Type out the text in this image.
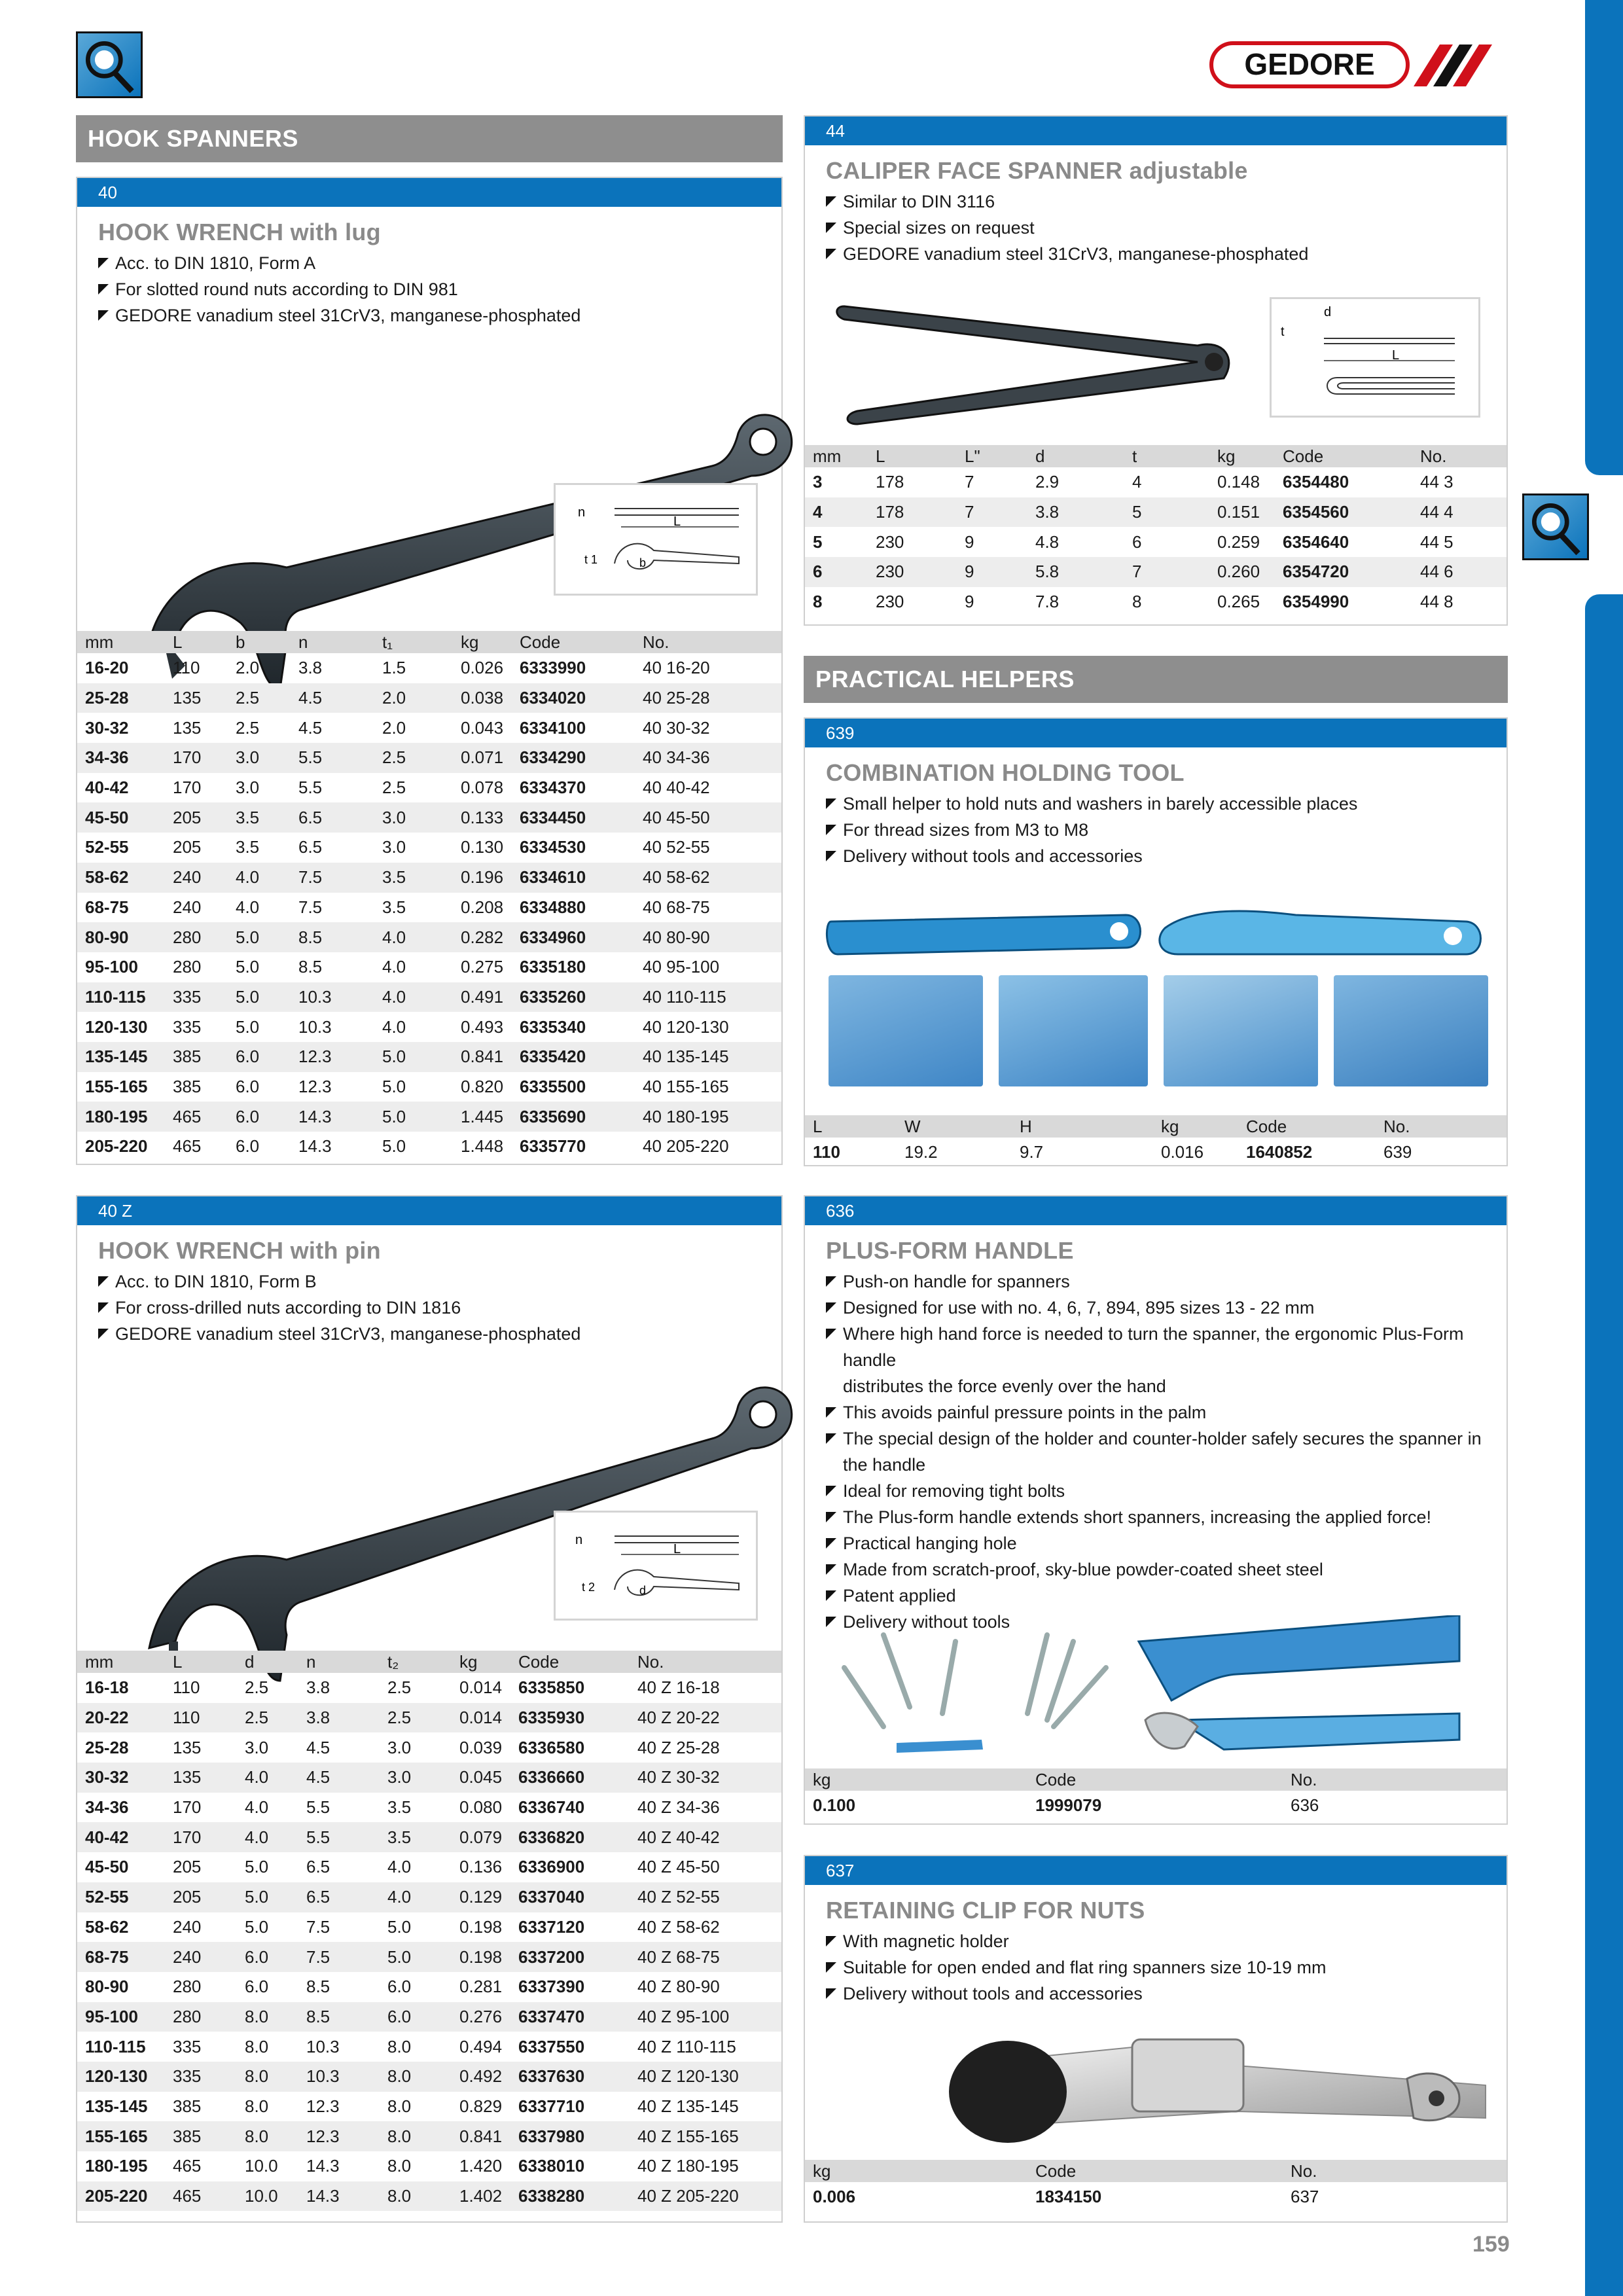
GEDORE
HOOK SPANNERS
40
HOOK WRENCH with lug
Acc. to DIN 1810, Form A
For slotted round nuts according to DIN 981
GEDORE vanadium steel 31CrV3, manganese-phosphated
n
L
t 1	b
mm	L	b	n	t₁	kg	Code	No.
16-20	110	2.0	3.8	1.5	0.026	6333990	40 16-20
25-28	135	2.5	4.5	2.0	0.038	6334020	40 25-28
30-32	135	2.5	4.5	2.0	0.043	6334100	40 30-32
34-36	170	3.0	5.5	2.5	0.071	6334290	40 34-36
40-42	170	3.0	5.5	2.5	0.078	6334370	40 40-42
45-50	205	3.5	6.5	3.0	0.133	6334450	40 45-50
52-55	205	3.5	6.5	3.0	0.130	6334530	40 52-55
58-62	240	4.0	7.5	3.5	0.196	6334610	40 58-62
68-75	240	4.0	7.5	3.5	0.208	6334880	40 68-75
80-90	280	5.0	8.5	4.0	0.282	6334960	40 80-90
95-100	280	5.0	8.5	4.0	0.275	6335180	40 95-100
110-115	335	5.0	10.3	4.0	0.491	6335260	40 110-115
120-130	335	5.0	10.3	4.0	0.493	6335340	40 120-130
135-145	385	6.0	12.3	5.0	0.841	6335420	40 135-145
155-165	385	6.0	12.3	5.0	0.820	6335500	40 155-165
180-195	465	6.0	14.3	5.0	1.445	6335690	40 180-195
205-220	465	6.0	14.3	5.0	1.448	6335770	40 205-220
40 Z
HOOK WRENCH with pin
Acc. to DIN 1810, Form B
For cross-drilled nuts according to DIN 1816
GEDORE vanadium steel 31CrV3, manganese-phosphated
n
L
t 2	d
mm	L	d	n	t₂	kg	Code	No.
16-18	110	2.5	3.8	2.5	0.014	6335850	40 Z 16-18
20-22	110	2.5	3.8	2.5	0.014	6335930	40 Z 20-22
25-28	135	3.0	4.5	3.0	0.039	6336580	40 Z 25-28
30-32	135	4.0	4.5	3.0	0.045	6336660	40 Z 30-32
34-36	170	4.0	5.5	3.5	0.080	6336740	40 Z 34-36
40-42	170	4.0	5.5	3.5	0.079	6336820	40 Z 40-42
45-50	205	5.0	6.5	4.0	0.136	6336900	40 Z 45-50
52-55	205	5.0	6.5	4.0	0.129	6337040	40 Z 52-55
58-62	240	5.0	7.5	5.0	0.198	6337120	40 Z 58-62
68-75	240	6.0	7.5	5.0	0.198	6337200	40 Z 68-75
80-90	280	6.0	8.5	6.0	0.281	6337390	40 Z 80-90
95-100	280	8.0	8.5	6.0	0.276	6337470	40 Z 95-100
110-115	335	8.0	10.3	8.0	0.494	6337550	40 Z 110-115
120-130	335	8.0	10.3	8.0	0.492	6337630	40 Z 120-130
135-145	385	8.0	12.3	8.0	0.829	6337710	40 Z 135-145
155-165	385	8.0	12.3	8.0	0.841	6337980	40 Z 155-165
180-195	465	10.0	14.3	8.0	1.420	6338010	40 Z 180-195
205-220	465	10.0	14.3	8.0	1.402	6338280	40 Z 205-220
44
CALIPER FACE SPANNER adjustable
Similar to DIN 3116
Special sizes on request
GEDORE vanadium steel 31CrV3, manganese-phosphated
t
d
L
mm	L	L"	d	t	kg	Code	No.
3	178	7	2.9	4	0.148	6354480	44 3
4	178	7	3.8	5	0.151	6354560	44 4
5	230	9	4.8	6	0.259	6354640	44 5
6	230	9	5.8	7	0.260	6354720	44 6
8	230	9	7.8	8	0.265	6354990	44 8
PRACTICAL HELPERS
639
COMBINATION HOLDING TOOL
Small helper to hold nuts and washers in barely accessible places
For thread sizes from M3 to M8
Delivery without tools and accessories
L	W	H	kg	Code	No.
110	19.2	9.7	0.016	1640852	639
636
PLUS-FORM HANDLE
Push-on handle for spanners
Designed for use with no. 4, 6, 7, 894, 895 sizes 13 - 22 mm
Where high hand force is needed to turn the spanner, the ergonomic Plus-Form handle
distributes the force evenly over the hand
This avoids painful pressure points in the palm
The special design of the holder and counter-holder safely secures the spanner in the handle
Ideal for removing tight bolts
The Plus-form handle extends short spanners, increasing the applied force!
Practical hanging hole
Made from scratch-proof, sky-blue powder-coated sheet steel
Patent applied
Delivery without tools
kg	Code	No.
0.100	1999079	636
637
RETAINING CLIP FOR NUTS
With magnetic holder
Suitable for open ended and flat ring spanners size 10-19 mm
Delivery without tools and accessories
kg	Code	No.
0.006	1834150	637
159
